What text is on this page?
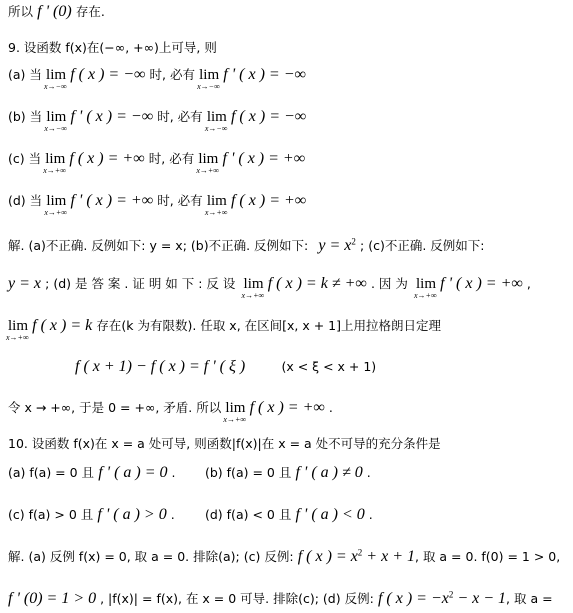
所以 f ' (0) 存在.
9. 设函数 f(x)在(−∞, +∞)上可导, 则
(a) 当 lim
x→−∞
f ( x ) = −∞ 时, 必有 lim
x→−∞
f ' ( x ) = −∞
(b) 当 lim
x→−∞
f ' ( x ) = −∞ 时, 必有 lim
x→−∞
f ( x ) = −∞
(c) 当 lim
x→+∞
f ( x ) = +∞ 时, 必有 lim
x→+∞
f ' ( x ) = +∞
(d) 当 lim
x→+∞
f ' ( x ) = +∞ 时, 必有 lim
x→+∞
f ( x ) = +∞
解. (a)不正确. 反例如下: y = x; (b)不正确. 反例如下: $y = x^2$ ; (c)不正确. 反例如下:
y = x ; (d) 是 答 案 . 证 明 如 下 : 反 设 lim
x→+∞
f ( x ) = k ≠ +∞ . 因 为 lim
x→+∞
f ' ( x ) = +∞ ,
lim
x→+∞
f ( x ) = k 存在(k 为有限数). 任取 x, 在区间[x, x + 1]上用拉格朗日定理
f ( x + 1) − f ( x ) = f ' ( ξ )	(x < ξ < x + 1)
令 x → +∞, 于是 0 = +∞, 矛盾. 所以 lim
x→+∞
f ( x ) = +∞ .
10. 设函数 f(x)在 x = a 处可导, 则函数|f(x)|在 x = a 处不可导的充分条件是
(a) f(a) = 0 且 f ' ( a ) = 0 . (b) f(a) = 0 且 f ' ( a ) ≠ 0 .
(c) f(a) > 0 且 f ' ( a ) > 0 . (d) f(a) < 0 且 f ' ( a ) < 0 .
解. (a) 反例 f(x) = 0, 取 a = 0. 排除(a); (c) 反例: f ( x ) = $x^2 + x + 1$, 取 a = 0. f(0) = 1 > 0,
f ' (0) = 1 > 0 , |f(x)| = f(x), 在 x = 0 可导. 排除(c); (d) 反例: f ( x ) = $-x^2 - x - 1$, 取 a =
